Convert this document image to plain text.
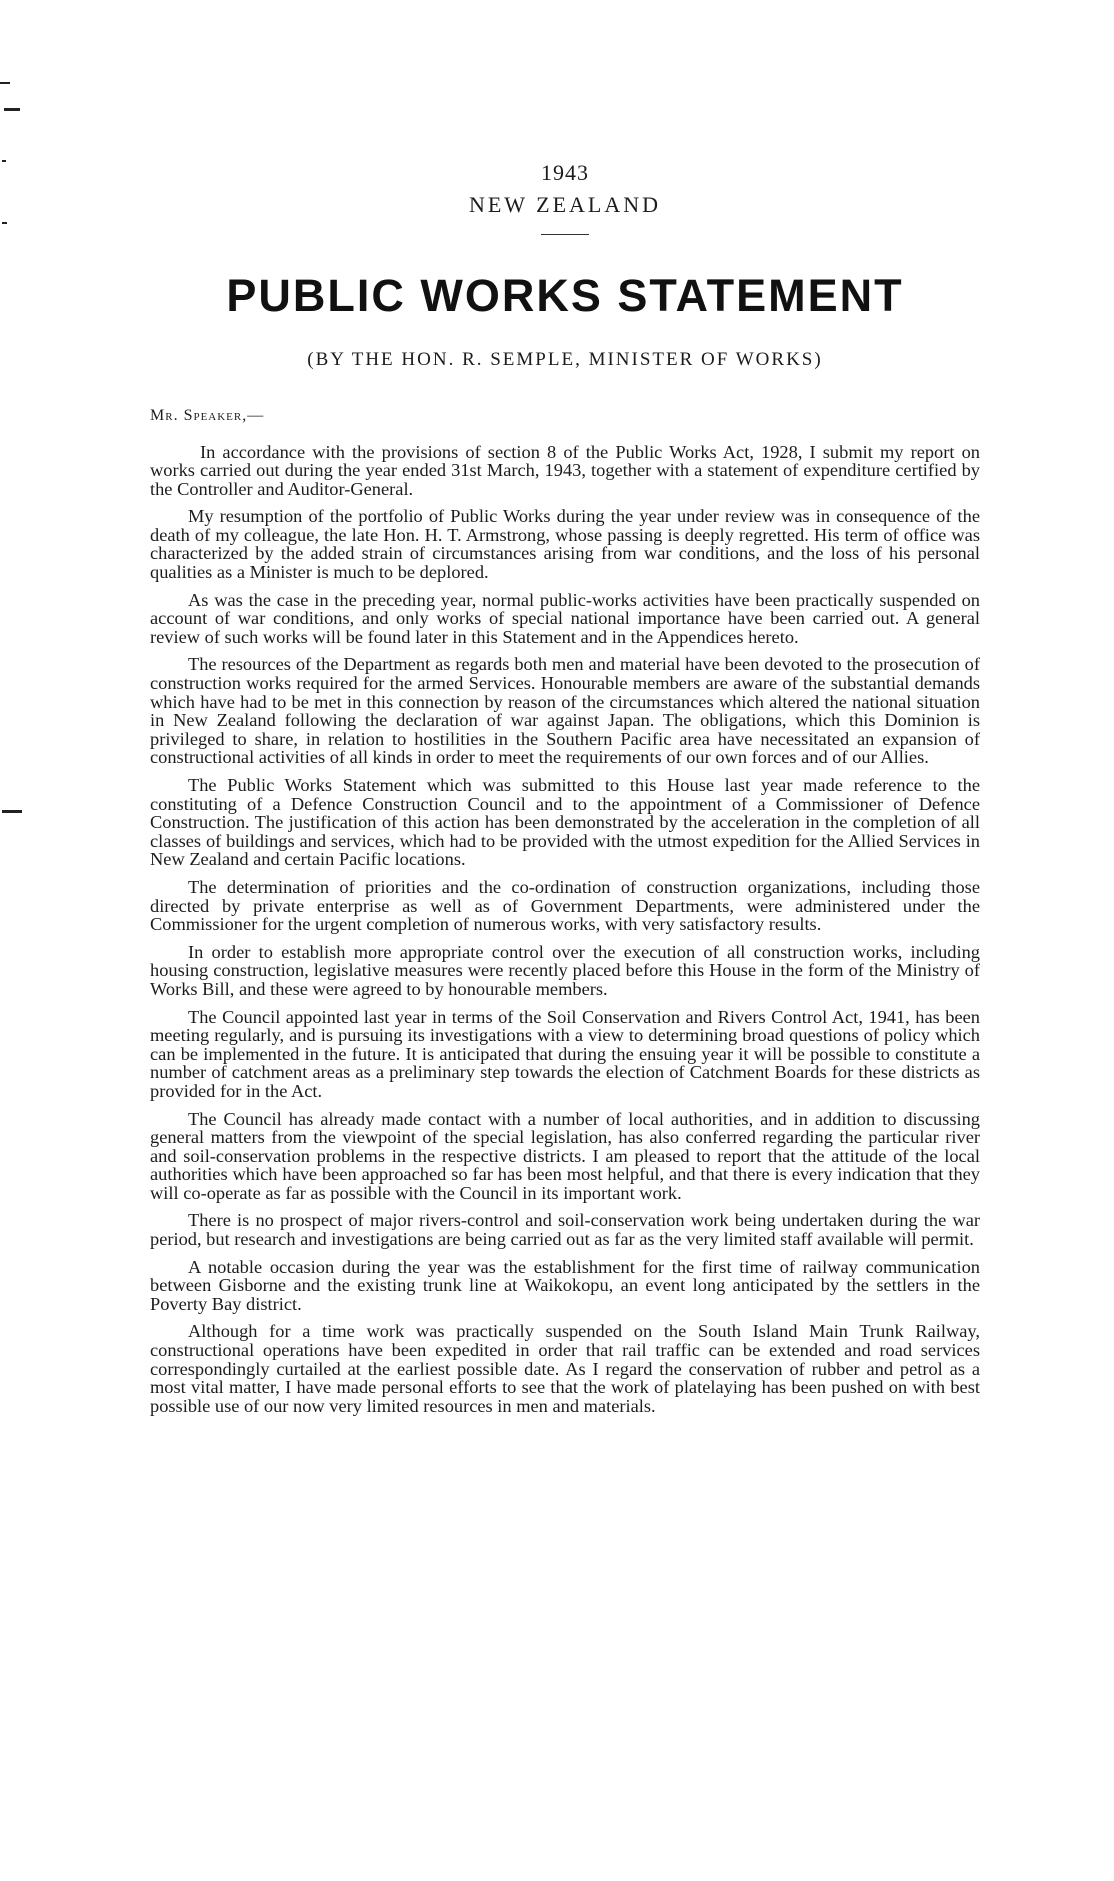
1943

NEW ZEALAND

PUBLIC WORKS STATEMENT

(BY THE HON. R. SEMPLE, MINISTER OF WORKS)

Mr. Speaker,—

In accordance with the provisions of section 8 of the Public Works Act, 1928, I submit my report on works carried out during the year ended 31st March, 1943, together with a statement of expenditure certified by the Controller and Auditor-General.

My resumption of the portfolio of Public Works during the year under review was in consequence of the death of my colleague, the late Hon. H. T. Armstrong, whose passing is deeply regretted. His term of office was characterized by the added strain of circumstances arising from war conditions, and the loss of his personal qualities as a Minister is much to be deplored.

As was the case in the preceding year, normal public-works activities have been practically suspended on account of war conditions, and only works of special national importance have been carried out. A general review of such works will be found later in this Statement and in the Appendices hereto.

The resources of the Department as regards both men and material have been devoted to the prosecution of construction works required for the armed Services. Honourable members are aware of the substantial demands which have had to be met in this connection by reason of the circumstances which altered the national situation in New Zealand following the declaration of war against Japan. The obligations, which this Dominion is privileged to share, in relation to hostilities in the Southern Pacific area have necessitated an expansion of constructional activities of all kinds in order to meet the requirements of our own forces and of our Allies.

The Public Works Statement which was submitted to this House last year made reference to the constituting of a Defence Construction Council and to the appointment of a Commissioner of Defence Construction. The justification of this action has been demonstrated by the acceleration in the completion of all classes of buildings and services, which had to be provided with the utmost expedition for the Allied Services in New Zealand and certain Pacific locations.

The determination of priorities and the co-ordination of construction organizations, including those directed by private enterprise as well as of Government Departments, were administered under the Commissioner for the urgent completion of numerous works, with very satisfactory results.

In order to establish more appropriate control over the execution of all construction works, including housing construction, legislative measures were recently placed before this House in the form of the Ministry of Works Bill, and these were agreed to by honourable members.

The Council appointed last year in terms of the Soil Conservation and Rivers Control Act, 1941, has been meeting regularly, and is pursuing its investigations with a view to determining broad questions of policy which can be implemented in the future. It is anticipated that during the ensuing year it will be possible to constitute a number of catchment areas as a preliminary step towards the election of Catchment Boards for these districts as provided for in the Act.

The Council has already made contact with a number of local authorities, and in addition to discussing general matters from the viewpoint of the special legislation, has also conferred regarding the particular river and soil-conservation problems in the respective districts. I am pleased to report that the attitude of the local authorities which have been approached so far has been most helpful, and that there is every indication that they will co-operate as far as possible with the Council in its important work.

There is no prospect of major rivers-control and soil-conservation work being undertaken during the war period, but research and investigations are being carried out as far as the very limited staff available will permit.

A notable occasion during the year was the establishment for the first time of railway communication between Gisborne and the existing trunk line at Waikokopu, an event long anticipated by the settlers in the Poverty Bay district.

Although for a time work was practically suspended on the South Island Main Trunk Railway, constructional operations have been expedited in order that rail traffic can be extended and road services correspondingly curtailed at the earliest possible date. As I regard the conservation of rubber and petrol as a most vital matter, I have made personal efforts to see that the work of platelaying has been pushed on with best possible use of our now very limited resources in men and materials.
